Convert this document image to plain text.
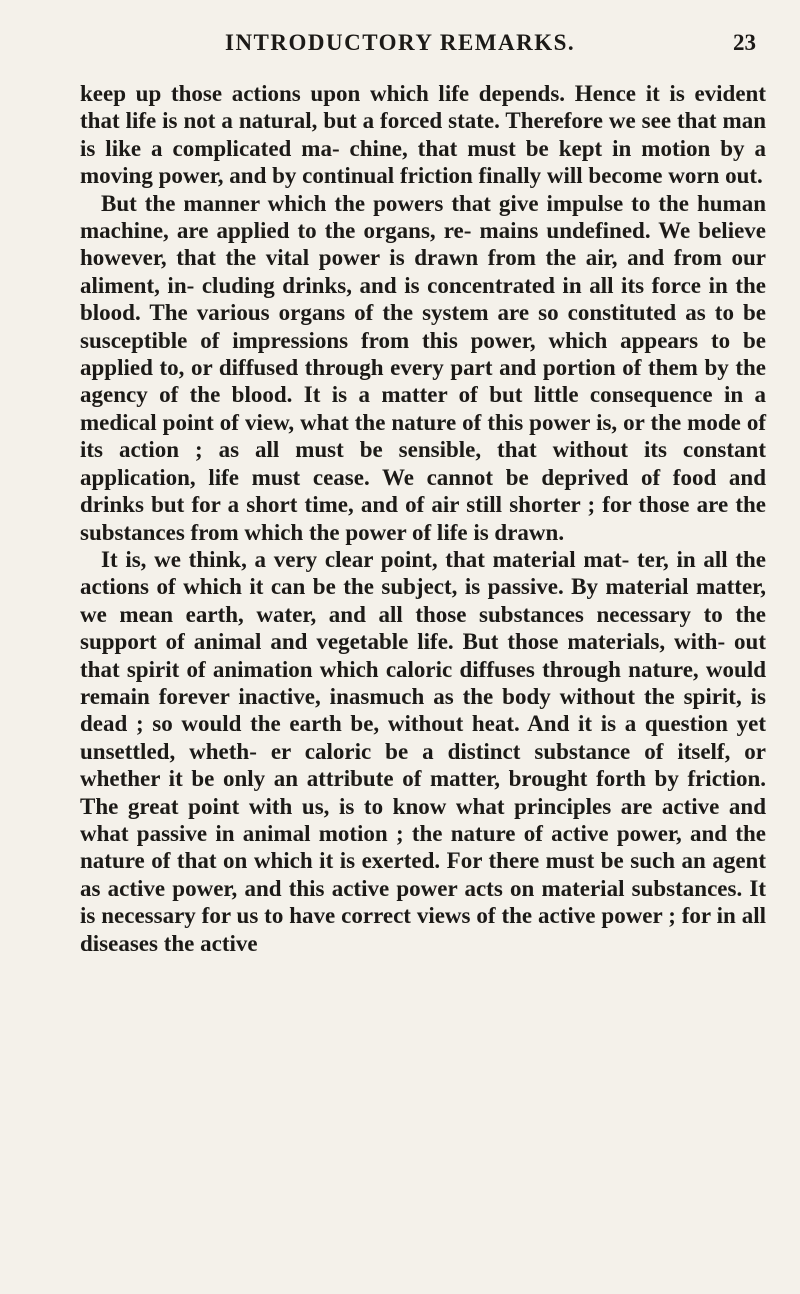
INTRODUCTORY REMARKS.	23

keep up those actions upon which life depends. Hence it is evident that life is not a natural, but a forced state. Therefore we see that man is like a complicated ma- chine, that must be kept in motion by a moving power, and by continual friction finally will become worn out.

But the manner which the powers that give impulse to the human machine, are applied to the organs, re- mains undefined. We believe however, that the vital power is drawn from the air, and from our aliment, in- cluding drinks, and is concentrated in all its force in the blood. The various organs of the system are so constituted as to be susceptible of impressions from this power, which appears to be applied to, or diffused through every part and portion of them by the agency of the blood. It is a matter of but little consequence in a medical point of view, what the nature of this power is, or the mode of its action ; as all must be sensible, that without its constant application, life must cease. We cannot be deprived of food and drinks but for a short time, and of air still shorter ; for those are the substances from which the power of life is drawn.

It is, we think, a very clear point, that material mat- ter, in all the actions of which it can be the subject, is passive. By material matter, we mean earth, water, and all those substances necessary to the support of animal and vegetable life. But those materials, with- out that spirit of animation which caloric diffuses through nature, would remain forever inactive, inasmuch as the body without the spirit, is dead ; so would the earth be, without heat. And it is a question yet unsettled, wheth- er caloric be a distinct substance of itself, or whether it be only an attribute of matter, brought forth by friction. The great point with us, is to know what principles are active and what passive in animal motion ; the nature of active power, and the nature of that on which it is exerted. For there must be such an agent as active power, and this active power acts on material substances. It is necessary for us to have correct views of the active power ; for in all diseases the active
